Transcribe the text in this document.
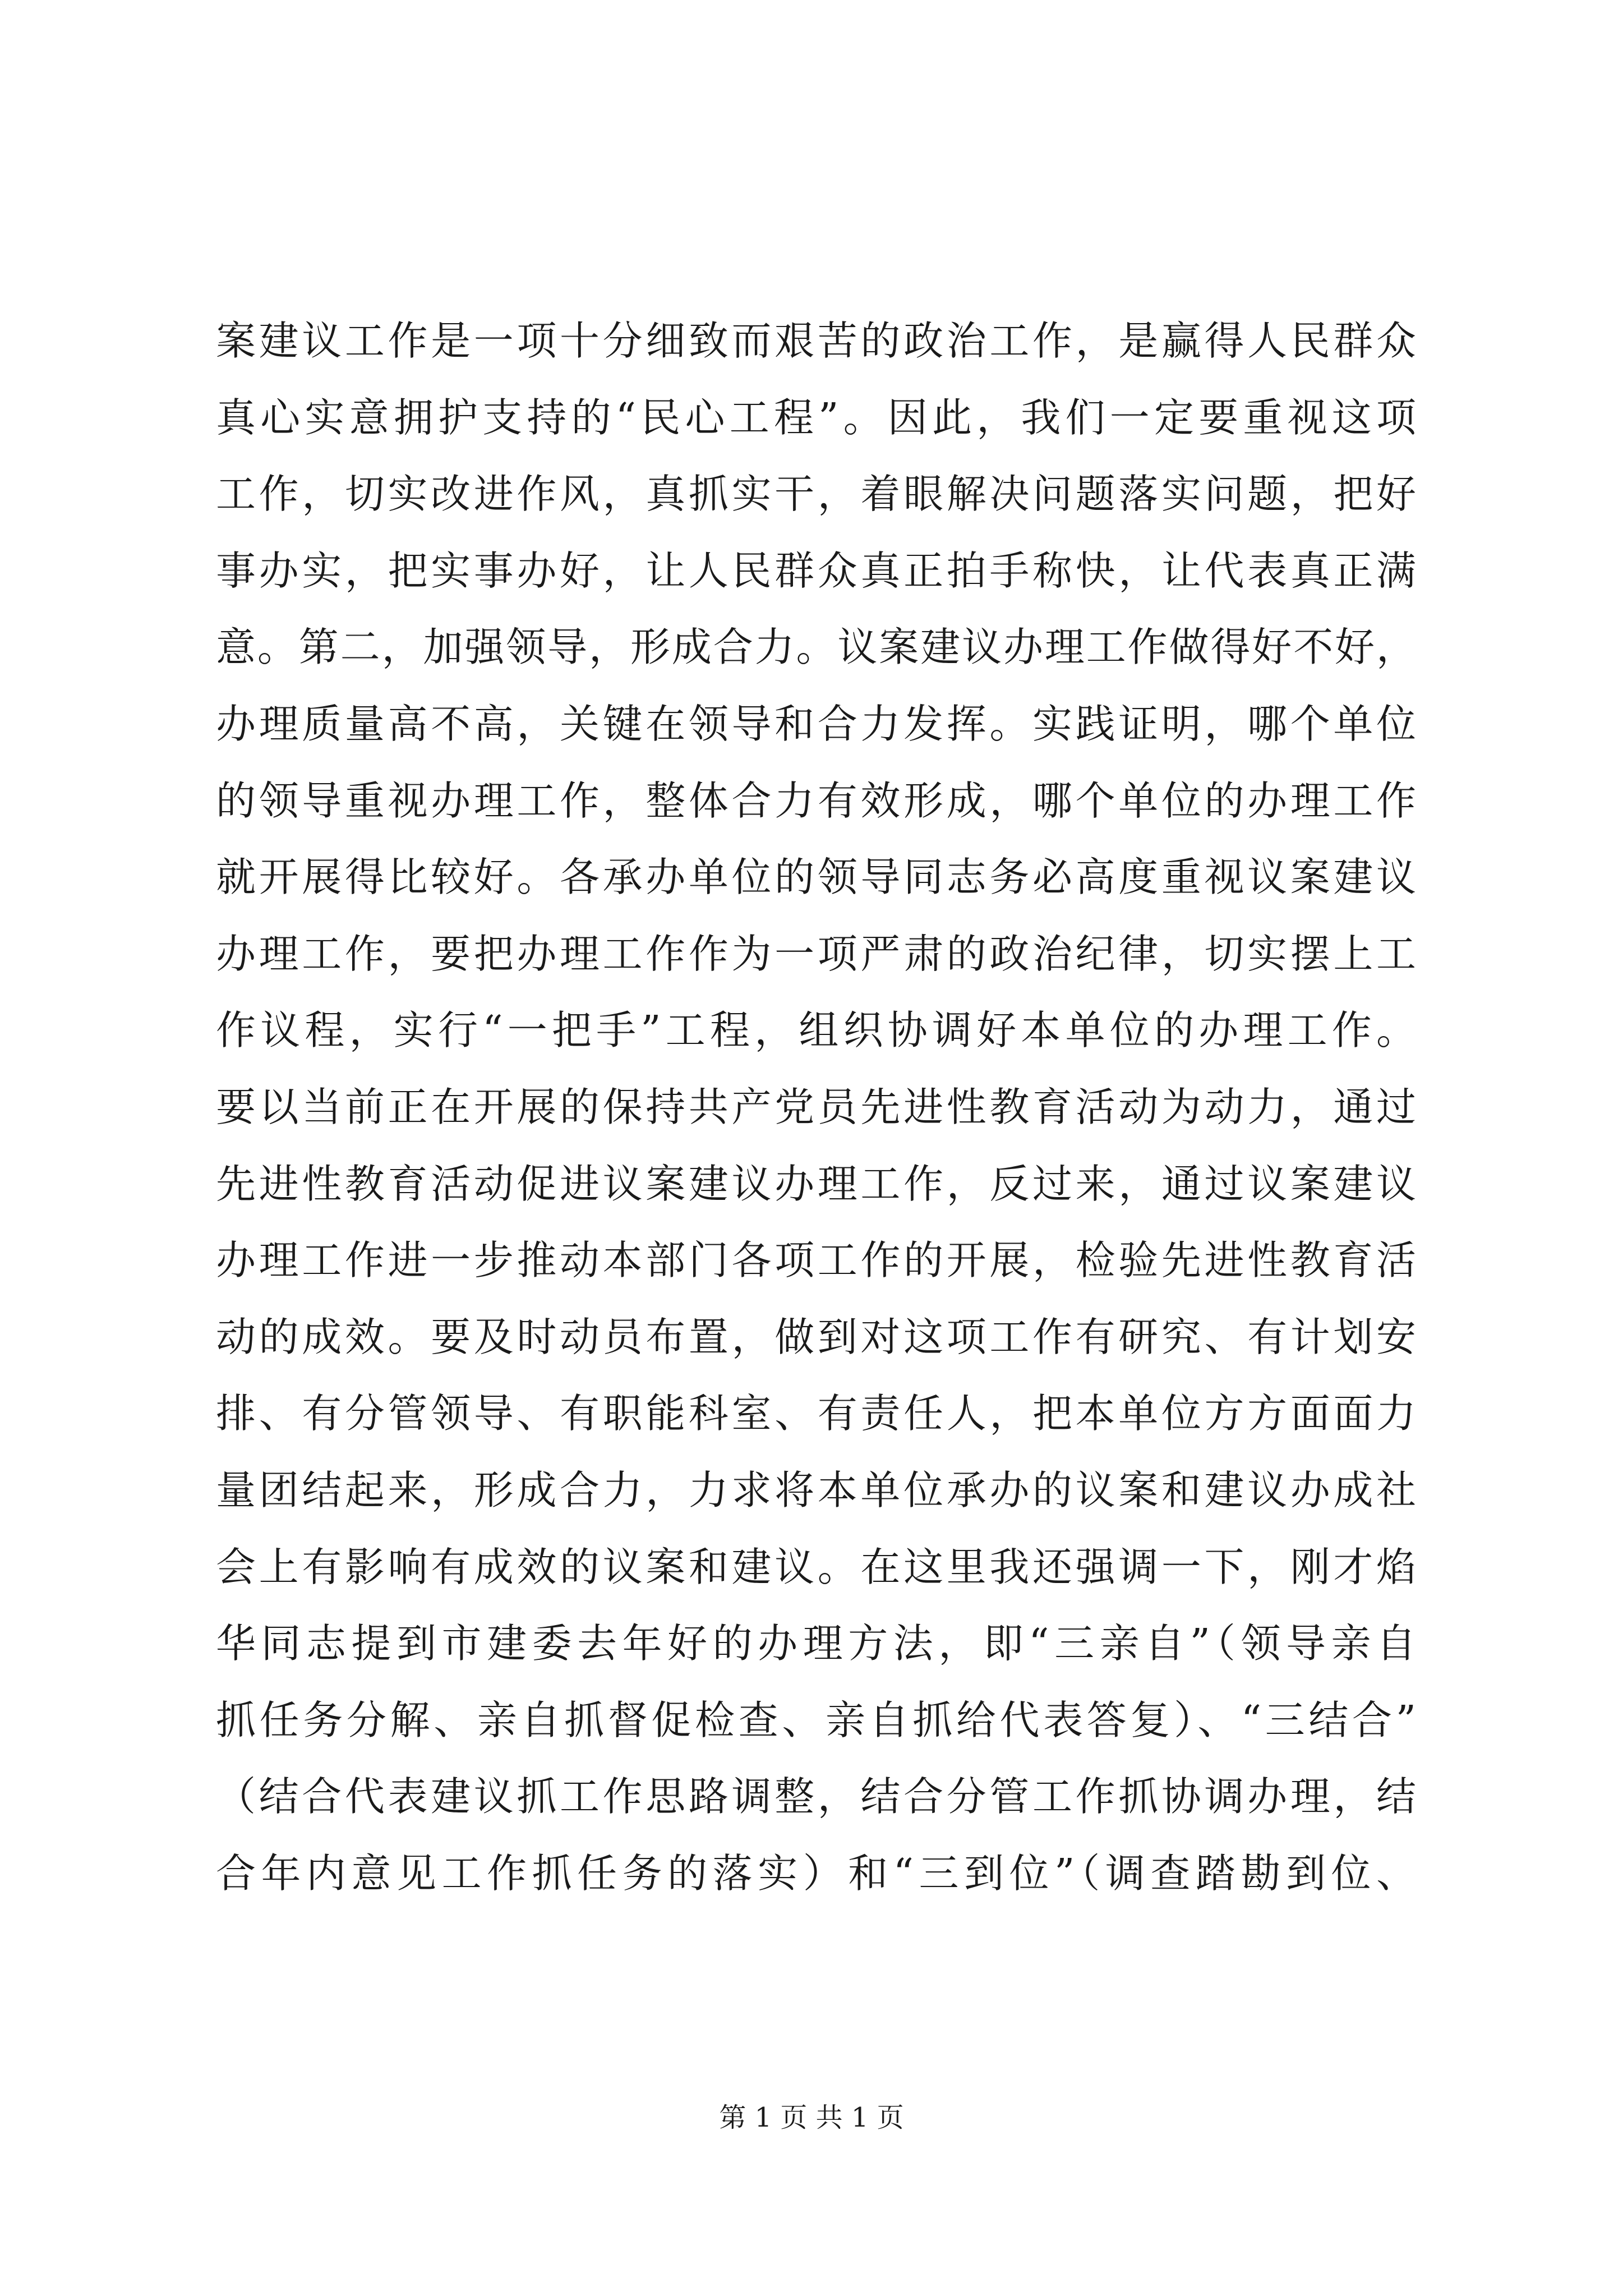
案建议工作是一项十分细致而艰苦的政治工作，是赢得人民群众
真心实意拥护支持的“民心工程”。因此，我们一定要重视这项
工作，切实改进作风，真抓实干，着眼解决问题落实问题，把好
事办实，把实事办好，让人民群众真正拍手称快，让代表真正满
意。第二，加强领导，形成合力。议案建议办理工作做得好不好，
办理质量高不高，关键在领导和合力发挥。实践证明，哪个单位
的领导重视办理工作，整体合力有效形成，哪个单位的办理工作
就开展得比较好。各承办单位的领导同志务必高度重视议案建议
办理工作，要把办理工作作为一项严肃的政治纪律，切实摆上工
作议程，实行“一把手”工程，组织协调好本单位的办理工作。
要以当前正在开展的保持共产党员先进性教育活动为动力，通过
先进性教育活动促进议案建议办理工作，反过来，通过议案建议
办理工作进一步推动本部门各项工作的开展，检验先进性教育活
动的成效。要及时动员布置，做到对这项工作有研究、有计划安
排、有分管领导、有职能科室、有责任人，把本单位方方面面力
量团结起来，形成合力，力求将本单位承办的议案和建议办成社
会上有影响有成效的议案和建议。在这里我还强调一下，刚才焰
华同志提到市建委去年好的办理方法，即“三亲自”（领导亲自
抓任务分解、亲自抓督促检查、亲自抓给代表答复）、“三结合”
（结合代表建议抓工作思路调整，结合分管工作抓协调办理，结
合年内意见工作抓任务的落实）和“三到位”（调查踏勘到位、
第 1 页 共 1 页
